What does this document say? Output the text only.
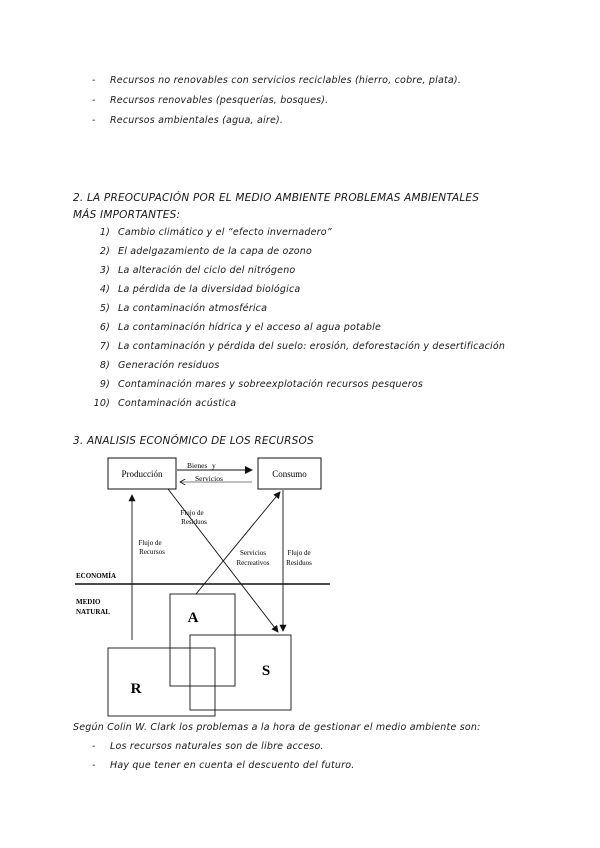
- Recursos no renovables con servicios reciclables (hierro, cobre, plata).
- Recursos renovables (pesquerías, bosques).
- Recursos ambientales (agua, aire).
2. LA PREOCUPACIÓN POR EL MEDIO AMBIENTE PROBLEMAS AMBIENTALES MÁS IMPORTANTES:
1) Cambio climático y el “efecto invernadero”
2) El adelgazamiento de la capa de ozono
3) La alteración del ciclo del nitrógeno
4) La pérdida de la diversidad biológica
5) La contaminación atmosférica
6) La contaminación hídrica y el acceso al agua potable
7) La contaminación y pérdida del suelo: erosión, deforestación y desertificación
8) Generación residuos
9) Contaminación mares y sobreexplotación recursos pesqueros
10) Contaminación acústica
3. ANALISIS ECONÓMICO DE LOS RECURSOS
Producción	Consumo
Bienes y
Servicios
Flujo de
Residuos
Servicios
Recreativos
Flujo de
Recursos	Flujo de
Residuos
ECONOMÍA
MEDIO
NATURAL	A
R
S
Según Colin W. Clark los problemas a la hora de gestionar el medio ambiente son:
- Los recursos naturales son de libre acceso.
- Hay que tener en cuenta el descuento del futuro.
